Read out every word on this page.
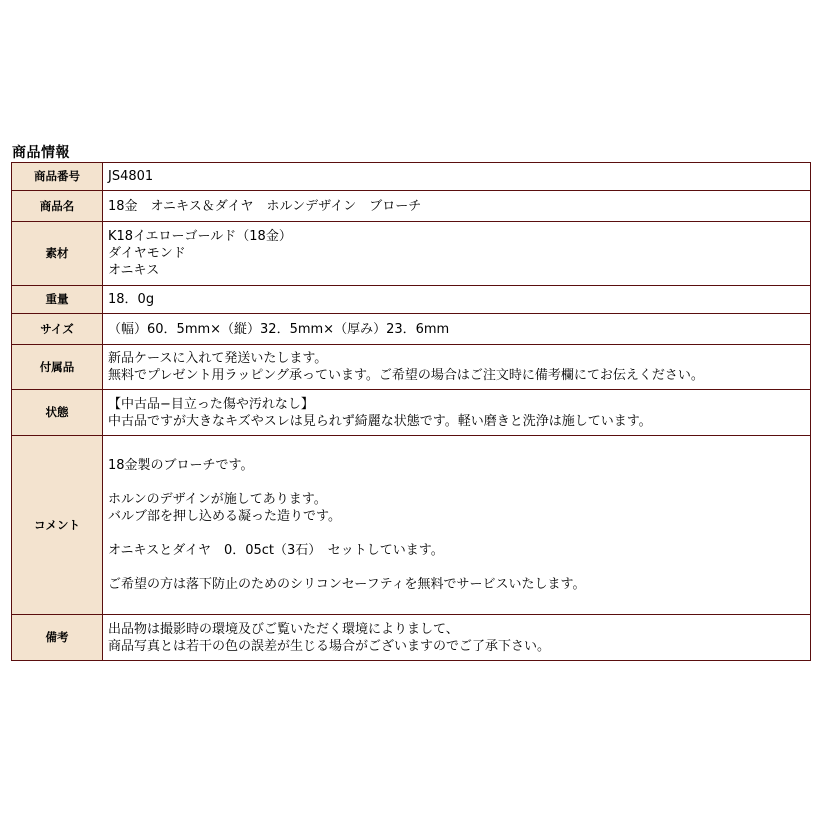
商品情報
商品番号	JS4801
商品名	18金　オニキス＆ダイヤ　ホルンデザイン　ブローチ
素材	K18イエローゴールド（18金）
ダイヤモンド
オニキス

重量	18．0g
サイズ	（幅）60．5mm×（縦）32．5mm×（厚み）23．6mm
付属品	新品ケースに入れて発送いたします。
無料でプレゼント用ラッピング承っています。ご希望の場合はご注文時に備考欄にてお伝えください。

状態	【中古品−目立った傷や汚れなし】
中古品ですが大きなキズやスレは見られず綺麗な状態です。軽い磨きと洗浄は施しています。

コメント	18金製のブローチです。
ホルンのデザインが施してあります。
バルブ部を押し込める凝った造りです。
オニキスとダイヤ　0．05ct（3石）　セットしています。
ご希望の方は落下防止のためのシリコンセーフティを無料でサービスいたします。

備考	出品物は撮影時の環境及びご覧いただく環境によりまして、
商品写真とは若干の色の誤差が生じる場合がございますのでご了承下さい。
